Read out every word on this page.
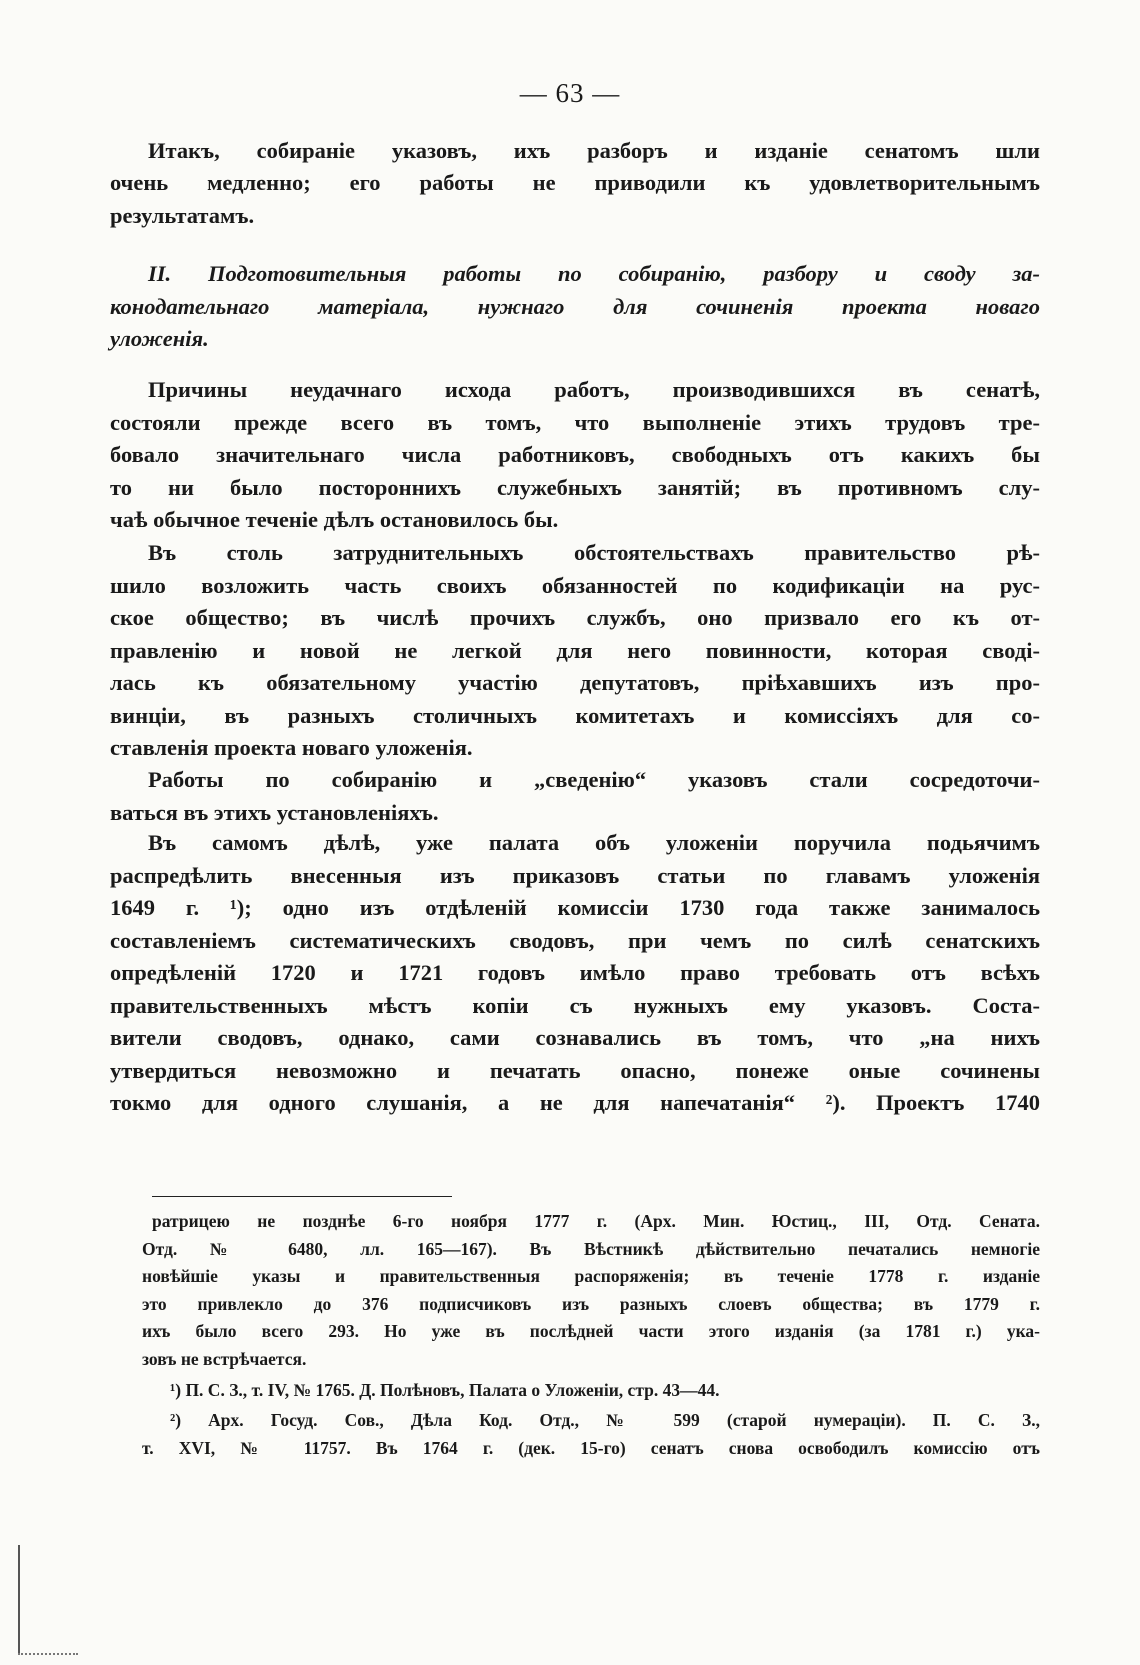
— 63 —
Итакъ, собираніе указовъ, ихъ разборъ и изданіе сенатомъ шли
очень медленно; его работы не приводили къ удовлетворительнымъ
результатамъ.
II. Подготовительныя работы по собиранію, разбору и своду за-
конодательнаго матеріала, нужнаго для сочиненія проекта новаго
уложенія.
Причины неудачнаго исхода работъ, производившихся въ сенатѣ,
состояли прежде всего въ томъ, что выполненіе этихъ трудовъ тре-
бовало значительнаго числа работниковъ, свободныхъ отъ какихъ бы
то ни было постороннихъ служебныхъ занятій; въ противномъ слу-
чаѣ обычное теченіе дѣлъ остановилось бы.
Въ столь затруднительныхъ обстоятельствахъ правительство рѣ-
шило возложить часть своихъ обязанностей по кодификаціи на рус-
ское общество; въ числѣ прочихъ службъ, оно призвало его къ от-
правленію и новой не легкой для него повинности, которая сводi-
лась къ обязательному участію депутатовъ, пріѣхавшихъ изъ про-
винціи, въ разныхъ столичныхъ комитетахъ и комиссіяхъ для со-
ставленія проекта новаго уложенія.
Работы по собиранію и „сведенію“ указовъ стали сосредоточи-
ваться въ этихъ установленіяхъ.
Въ самомъ дѣлѣ, уже палата объ уложеніи поручила подьячимъ
распредѣлить внесенныя изъ приказовъ статьи по главамъ уложенія
1649 г. ¹); одно изъ отдѣленій комиссіи 1730 года также занималось
составленіемъ систематическихъ сводовъ, при чемъ по силѣ сенатскихъ
опредѣленій 1720 и 1721 годовъ имѣло право требовать отъ всѣхъ
правительственныхъ мѣстъ копіи съ нужныхъ ему указовъ. Соста-
вители сводовъ, однако, сами сознавались въ томъ, что „на нихъ
утвердиться невозможно и печатать опасно, понеже оные сочинены
токмо для одного слушанія, а не для напечатанія“ ²). Проектъ 1740
ратрицею не позднѣе 6-го ноября 1777 г. (Арх. Мин. Юстиц., III, Отд. Сената.
Отд. № 6480, лл. 165—167). Въ Вѣстникѣ дѣйствительно печатались немногіе
новѣйшіе указы и правительственныя распоряженія; въ теченіе 1778 г. изданіе
это привлекло до 376 подписчиковъ изъ разныхъ слоевъ общества; въ 1779 г.
ихъ было всего 293. Но уже въ послѣдней части этого изданія (за 1781 г.) ука-
зовъ не встрѣчается.
¹) П. С. З., т. IV, № 1765. Д. Полѣновъ, Палата о Уложеніи, стр. 43—44.
²) Арх. Госуд. Сов., Дѣла Код. Отд., № 599 (старой нумераціи). П. С. З.,
т. XVI, № 11757. Въ 1764 г. (дек. 15-го) сенатъ снова освободилъ комиссію отъ
